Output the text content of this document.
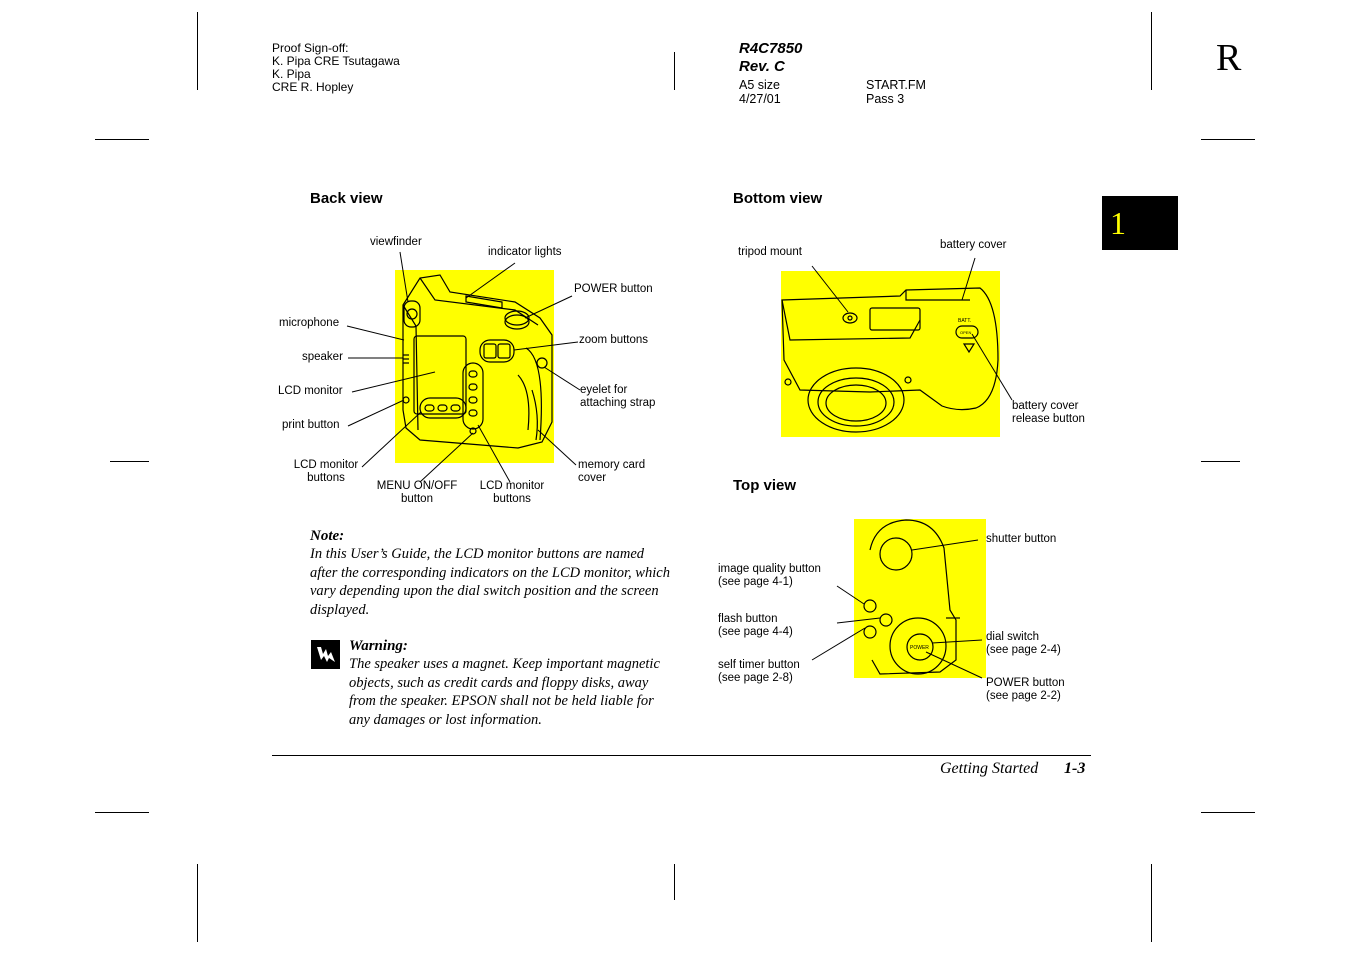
Proof Sign-off:
K. Pipa CRE Tsutagawa
K. Pipa
CRE R. Hopley
R4C7850
Rev. C
A5 size
4/27/01
START.FM
Pass 3
R
1
Back view	Bottom view
Top view
viewfinder
indicator lights
POWER button
microphone
zoom buttons
speaker
LCD monitor	eyelet for
attaching strap
print button
LCD monitor
buttons
memory card
cover
MENU ON/OFF
button
LCD monitor
buttons
BATT.
OPEN
tripod mount
battery cover
battery cover
release button
POWER
shutter button
image quality button
(see page 4-1)
flash button
(see page 4-4)	dial switch
(see page 2-4)
self timer button
(see page 2-8)	POWER button
(see page 2-2)
Note:
In this User’s Guide, the LCD monitor buttons are named after the corresponding indicators on the LCD monitor, which vary depending upon the dial switch position and the screen displayed.
Warning:
The speaker uses a magnet. Keep important magnetic objects, such as credit cards and floppy disks, away from the speaker. EPSON shall not be held liable for any damages or lost information.
Getting Started 1-3
